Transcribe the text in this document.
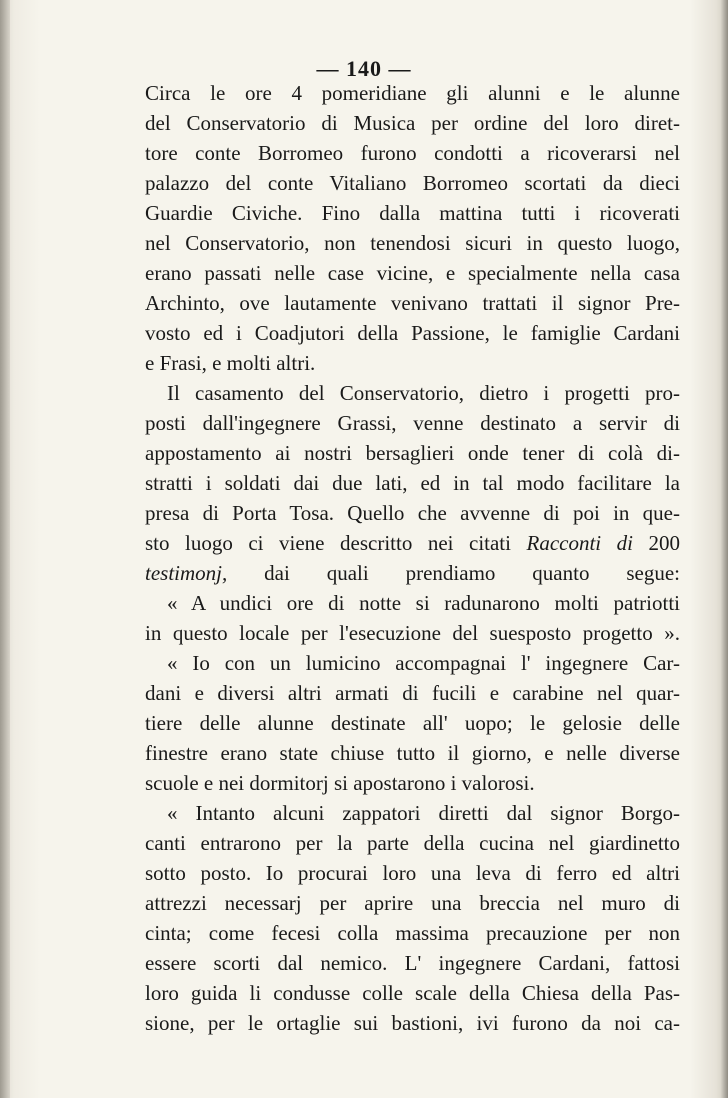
— 140 —
Circa le ore 4 pomeridiane gli alunni e le alunne
del Conservatorio di Musica per ordine del loro diret-
tore conte Borromeo furono condotti a ricoverarsi nel
palazzo del conte Vitaliano Borromeo scortati da dieci
Guardie Civiche. Fino dalla mattina tutti i ricoverati
nel Conservatorio, non tenendosi sicuri in questo luogo,
erano passati nelle case vicine, e specialmente nella casa
Archinto, ove lautamente venivano trattati il signor Pre-
vosto ed i Coadjutori della Passione, le famiglie Cardani
e Frasi, e molti altri.
Il casamento del Conservatorio, dietro i progetti pro-
posti dall'ingegnere Grassi, venne destinato a servir di
appostamento ai nostri bersaglieri onde tener di colà di-
stratti i soldati dai due lati, ed in tal modo facilitare la
presa di Porta Tosa. Quello che avvenne di poi in que-
sto luogo ci viene descritto nei citati Racconti di 200
testimonj, dai quali prendiamo quanto segue:
« A undici ore di notte si radunarono molti patriotti
in questo locale per l'esecuzione del suesposto progetto ».
« Io con un lumicino accompagnai l' ingegnere Car-
dani e diversi altri armati di fucili e carabine nel quar-
tiere delle alunne destinate all' uopo; le gelosie delle
finestre erano state chiuse tutto il giorno, e nelle diverse
scuole e nei dormitorj si apostarono i valorosi.
« Intanto alcuni zappatori diretti dal signor Borgo-
canti entrarono per la parte della cucina nel giardinetto
sotto posto. Io procurai loro una leva di ferro ed altri
attrezzi necessarj per aprire una breccia nel muro di
cinta; come fecesi colla massima precauzione per non
essere scorti dal nemico. L' ingegnere Cardani, fattosi
loro guida li condusse colle scale della Chiesa della Pas-
sione, per le ortaglie sui bastioni, ivi furono da noi ca-
